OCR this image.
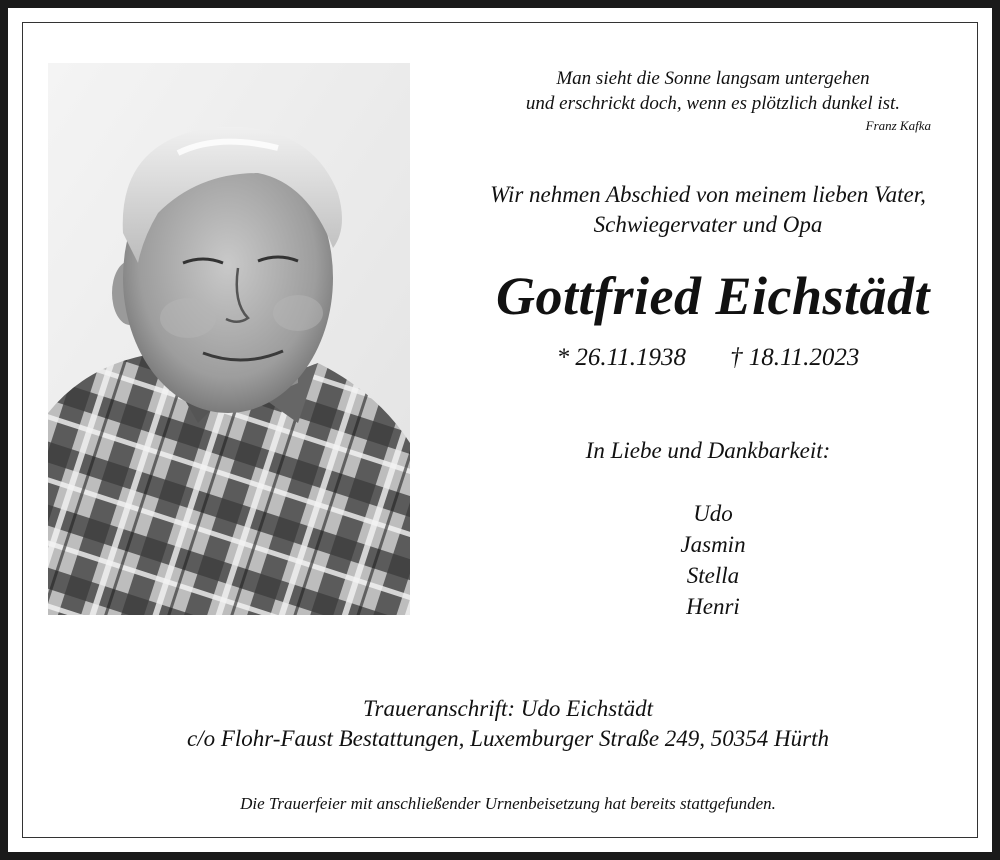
Man sieht die Sonne langsam untergehen
und erschrickt doch, wenn es plötzlich dunkel ist.
Franz Kafka
Wir nehmen Abschied von meinem lieben Vater,
Schwiegervater und Opa
Gottfried Eichstädt
* 26.11.1938 † 18.11.2023
In Liebe und Dankbarkeit:
Udo
Jasmin
Stella
Henri
Traueranschrift: Udo Eichstädt
c/o Flohr-Faust Bestattungen, Luxemburger Straße 249, 50354 Hürth
Die Trauerfeier mit anschließender Urnenbeisetzung hat bereits stattgefunden.
